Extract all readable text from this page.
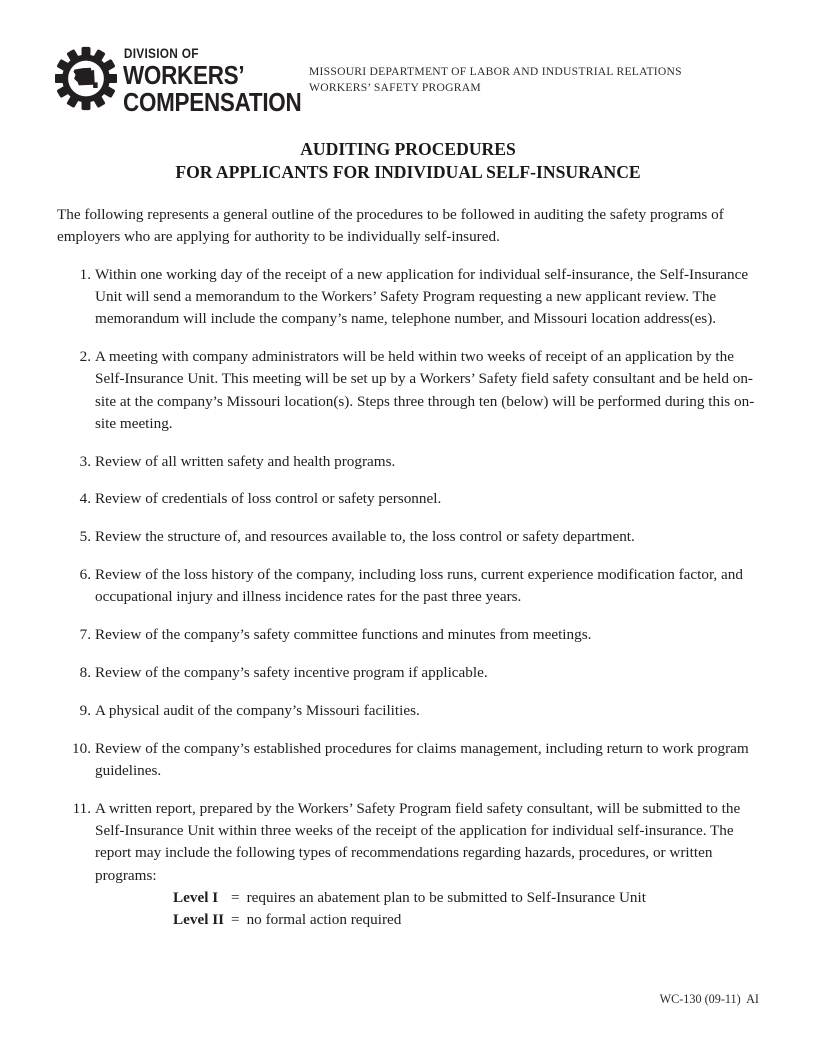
DIVISION OF
WORKERS’
COMPENSATION
MISSOURI DEPARTMENT OF LABOR AND INDUSTRIAL RELATIONS
WORKERS’ SAFETY PROGRAM
AUDITING PROCEDURES
FOR APPLICANTS FOR INDIVIDUAL SELF-INSURANCE

The following represents a general outline of the procedures to be followed in auditing the safety programs of employers who are applying for authority to be individually self-insured.

1. Within one working day of the receipt of a new application for individual self-insurance, the Self-Insurance Unit will send a memorandum to the Workers’ Safety Program requesting a new applicant review. The memorandum will include the company’s name, telephone number, and Missouri location address(es).
2. A meeting with company administrators will be held within two weeks of receipt of an application by the Self-Insurance Unit. This meeting will be set up by a Workers’ Safety field safety consultant and be held on-site at the company’s Missouri location(s). Steps three through ten (below) will be performed during this on-site meeting.
3. Review of all written safety and health programs.
4. Review of credentials of loss control or safety personnel.
5. Review the structure of, and resources available to, the loss control or safety department.
6. Review of the loss history of the company, including loss runs, current experience modification factor, and occupational injury and illness incidence rates for the past three years.
7. Review of the company’s safety committee functions and minutes from meetings.
8. Review of the company’s safety incentive program if applicable.
9. A physical audit of the company’s Missouri facilities.
10. Review of the company’s established procedures for claims management, including return to work program guidelines.
11. A written report, prepared by the Workers’ Safety Program field safety consultant, will be submitted to the Self-Insurance Unit within three weeks of the receipt of the application for individual self-insurance. The report may include the following types of recommendations regarding hazards, procedures, or written programs:
Level I = requires an abatement plan to be submitted to Self-Insurance Unit
Level II = no formal action required
WC-130 (09-11)  AI
